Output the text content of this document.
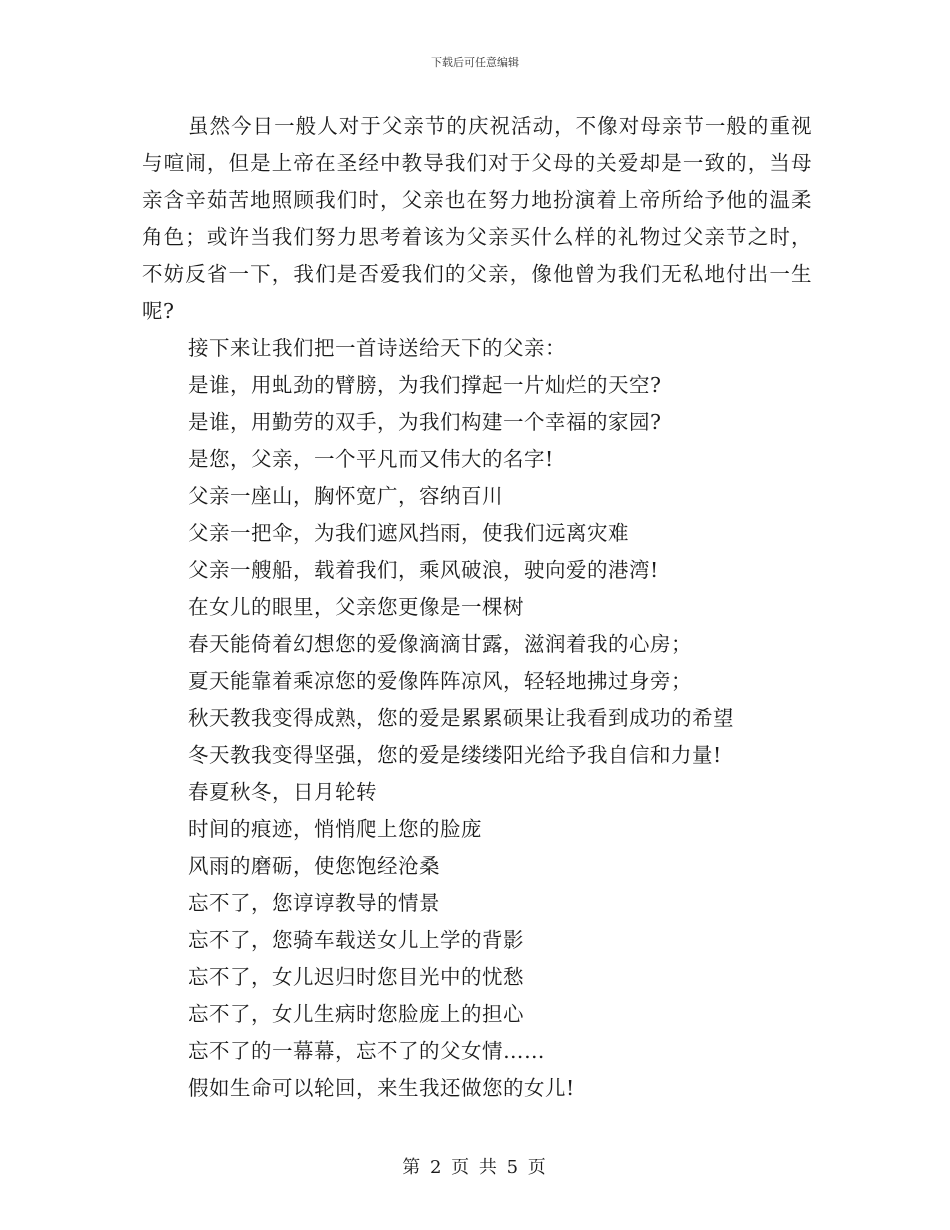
下载后可任意编辑

虽然今日一般人对于父亲节的庆祝活动，不像对母亲节一般的重视与喧闹，但是上帝在圣经中教导我们对于父母的关爱却是一致的，当母亲含辛茹苦地照顾我们时，父亲也在努力地扮演着上帝所给予他的温柔角色；或许当我们努力思考着该为父亲买什么样的礼物过父亲节之时，不妨反省一下，我们是否爱我们的父亲，像他曾为我们无私地付出一生呢?

接下来让我们把一首诗送给天下的父亲：

是谁，用虬劲的臂膀，为我们撑起一片灿烂的天空?

是谁，用勤劳的双手，为我们构建一个幸福的家园?

是您，父亲，一个平凡而又伟大的名字!

父亲一座山，胸怀宽广，容纳百川

父亲一把伞，为我们遮风挡雨，使我们远离灾难

父亲一艘船，载着我们，乘风破浪，驶向爱的港湾!

在女儿的眼里，父亲您更像是一棵树

春天能倚着幻想您的爱像滴滴甘露，滋润着我的心房；

夏天能靠着乘凉您的爱像阵阵凉风，轻轻地拂过身旁；

秋天教我变得成熟，您的爱是累累硕果让我看到成功的希望

冬天教我变得坚强，您的爱是缕缕阳光给予我自信和力量!

春夏秋冬，日月轮转

时间的痕迹，悄悄爬上您的脸庞

风雨的磨砺，使您饱经沧桑

忘不了，您谆谆教导的情景

忘不了，您骑车载送女儿上学的背影

忘不了，女儿迟归时您目光中的忧愁

忘不了，女儿生病时您脸庞上的担心

忘不了的一幕幕，忘不了的父女情……

假如生命可以轮回，来生我还做您的女儿!

第 2 页 共 5 页
